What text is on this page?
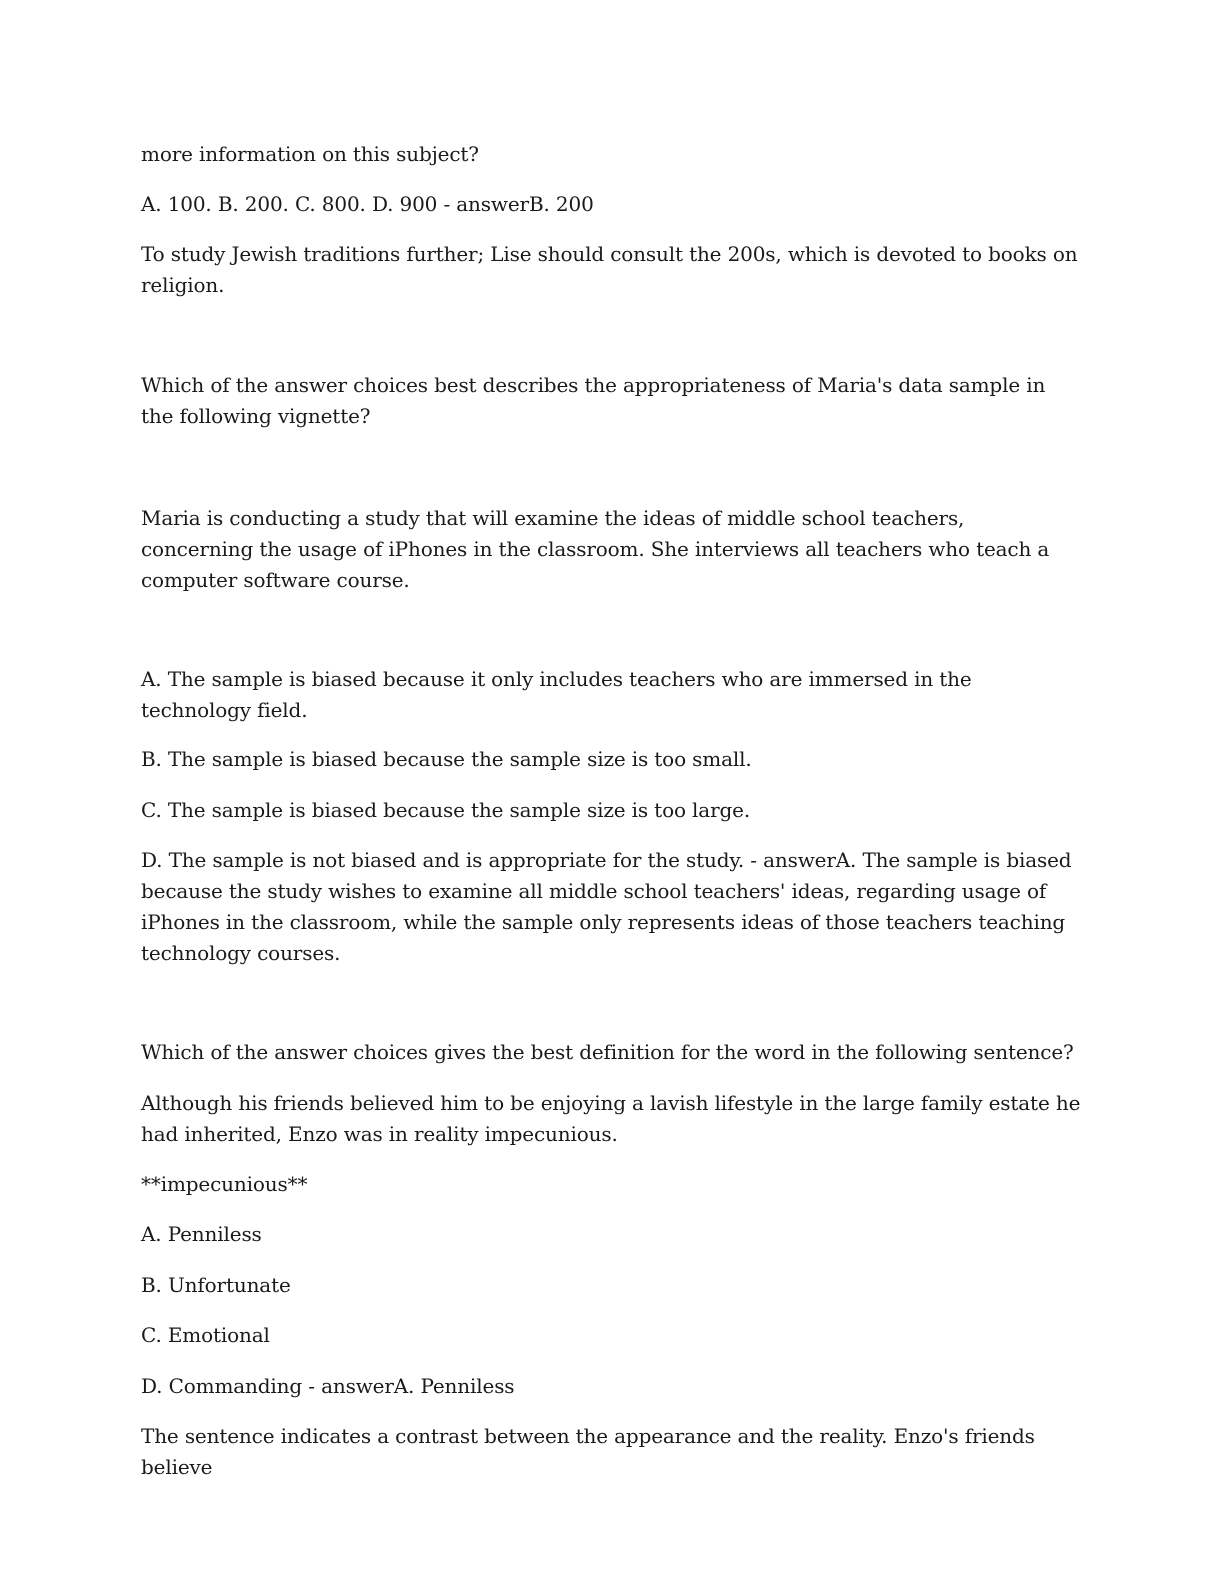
more information on this subject?

A. 100. B. 200. C. 800. D. 900 - answerB. 200

To study Jewish traditions further; Lise should consult the 200s, which is devoted to books on religion.

Which of the answer choices best describes the appropriateness of Maria's data sample in the following vignette?

Maria is conducting a study that will examine the ideas of middle school teachers, concerning the usage of iPhones in the classroom. She interviews all teachers who teach a computer software course.

A. The sample is biased because it only includes teachers who are immersed in the technology field.

B. The sample is biased because the sample size is too small.

C. The sample is biased because the sample size is too large.

D. The sample is not biased and is appropriate for the study. - answerA. The sample is biased because the study wishes to examine all middle school teachers' ideas, regarding usage of iPhones in the classroom, while the sample only represents ideas of those teachers teaching technology courses.

Which of the answer choices gives the best definition for the word in the following sentence?

Although his friends believed him to be enjoying a lavish lifestyle in the large family estate he had inherited, Enzo was in reality impecunious.

**impecunious**

A. Penniless

B. Unfortunate

C. Emotional

D. Commanding - answerA. Penniless

The sentence indicates a contrast between the appearance and the reality. Enzo's friends believe
